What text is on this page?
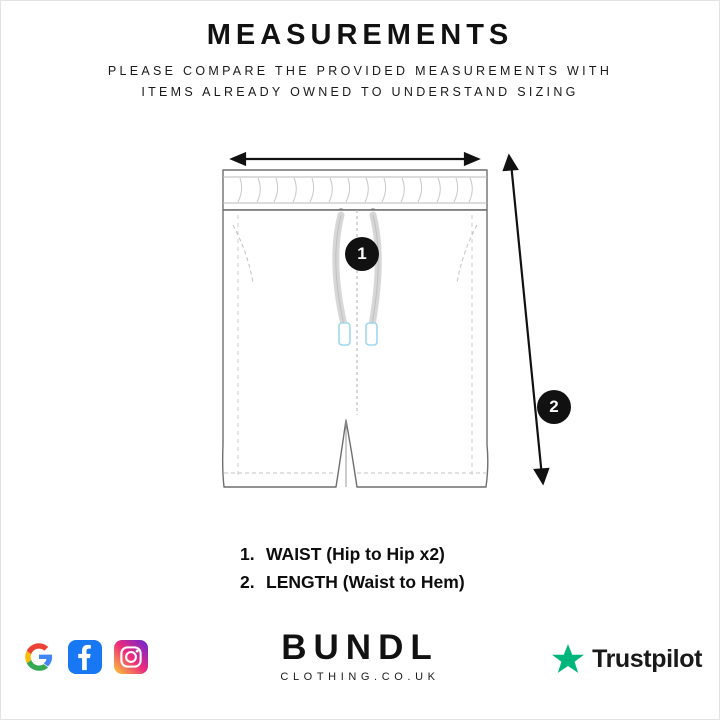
MEASUREMENTS
PLEASE COMPARE THE PROVIDED MEASUREMENTS WITH
ITEMS ALREADY OWNED TO UNDERSTAND SIZING
1
2
1. WAIST (Hip to Hip x2)
2. LENGTH (Waist to Hem)
BUNDL
CLOTHING.CO.UK
Trustpilot
